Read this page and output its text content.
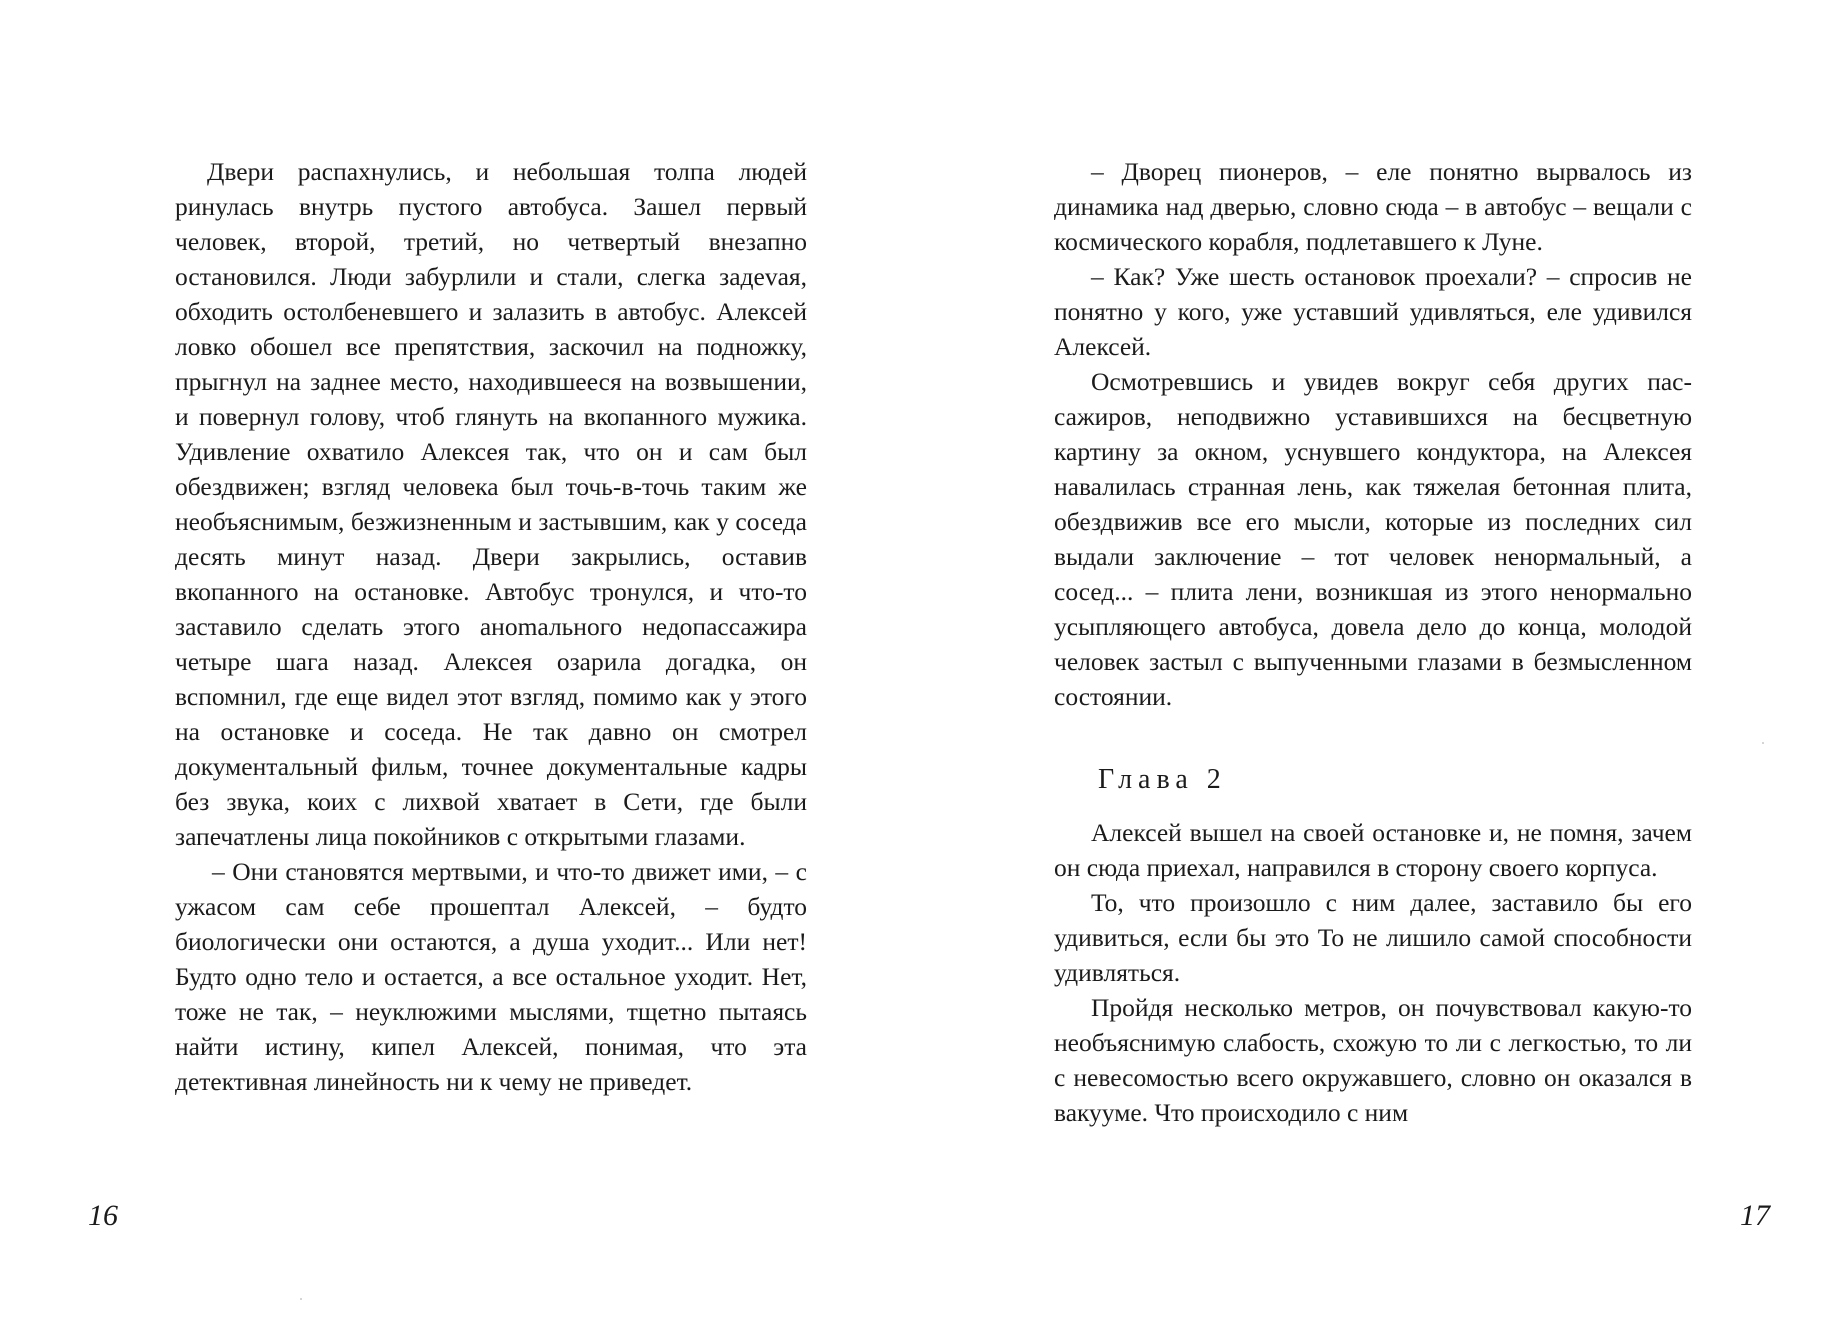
Двери распахнулись, и небольшая толпа людей ринулась внутрь пустого автобуса. Зашел первый человек, второй, третий, но четвертый внезапно остановился. Люди забурлили и стали, слегка задеvая, обходить остолбеневшего и залазить в автобус. Алексей ловко обошел все препятствия, заскочил на подножку, прыгнул на заднее место, находившееся на возвышении, и повернул голову, чтоб глянуть на вкопанного мужика. Удивление охватило Алексея так, что он и сам был обездвижен; взгляд человека был точь-в-точь таким же необъяснимым, безжизненным и застывшим, как у соседа десять минут назад. Двери закрылись, оставив вкопанного на остановке. Автобус тронулся, и что-то заставило сделать этого аноmального недопассажира четыре шага назад. Алексея озарила догадка, он вспомнил, где еще видел этот взгляд, помимо как у этого на остановке и соседа. Не так давно он смотрел документальный фильм, точнее документальные кадры без звука, коих с лихвой хватает в Сети, где были запечатлены лица покойников с открытыми глазами.

– Они становятся мертвыми, и что-то движет ими, – с ужасом сам себе прошептал Алексей, – будто биологически они остаются, а душа уходит... Или нет! Будто одно тело и остается, а все остальное уходит. Нет, тоже не так, – неуклюжими мыслями, тщетно пытаясь найти истину, кипел Алексей, понимая, что эта детективная линейность ни к чему не приведет.

16

– Дворец пионеров, – еле понятно вырвалось из динамика над дверью, словно сюда – в автобус – вещали с космического корабля, подлетавшего к Луне.

– Как? Уже шесть остановок проехали? – спросив не понятно у кого, уже уставший удивляться, еле удивился Алексей.

Осмотревшись и увидев вокруг себя других пассажиров, неподвижно уставившихся на бесцветную картину за окном, уснувшего кондуктора, на Алексея навалилась странная лень, как тяжелая бетонная плита, обездвижив все его мысли, которые из последних сил выдали заключение – тот человек ненормальный, а сосед... – плита лени, возникшая из этого ненормально усыпляющего автобуса, довела дело до конца, молодой человек застыл с выпученными глазами в безмысленном состоянии.

Глава 2

Алексей вышел на своей остановке и, не помня, зачем он сюда приехал, направился в сторону своего корпуса.

То, что произошло с ним далее, заставило бы его удивиться, если бы это То не лишило самой способности удивляться.

Пройдя несколько метров, он почувствовал какую-то необъяснимую слабость, схожую то ли с легкостью, то ли с невесомостью всего окружавшего, словно он оказался в вакууме. Что происходило с ним

17
